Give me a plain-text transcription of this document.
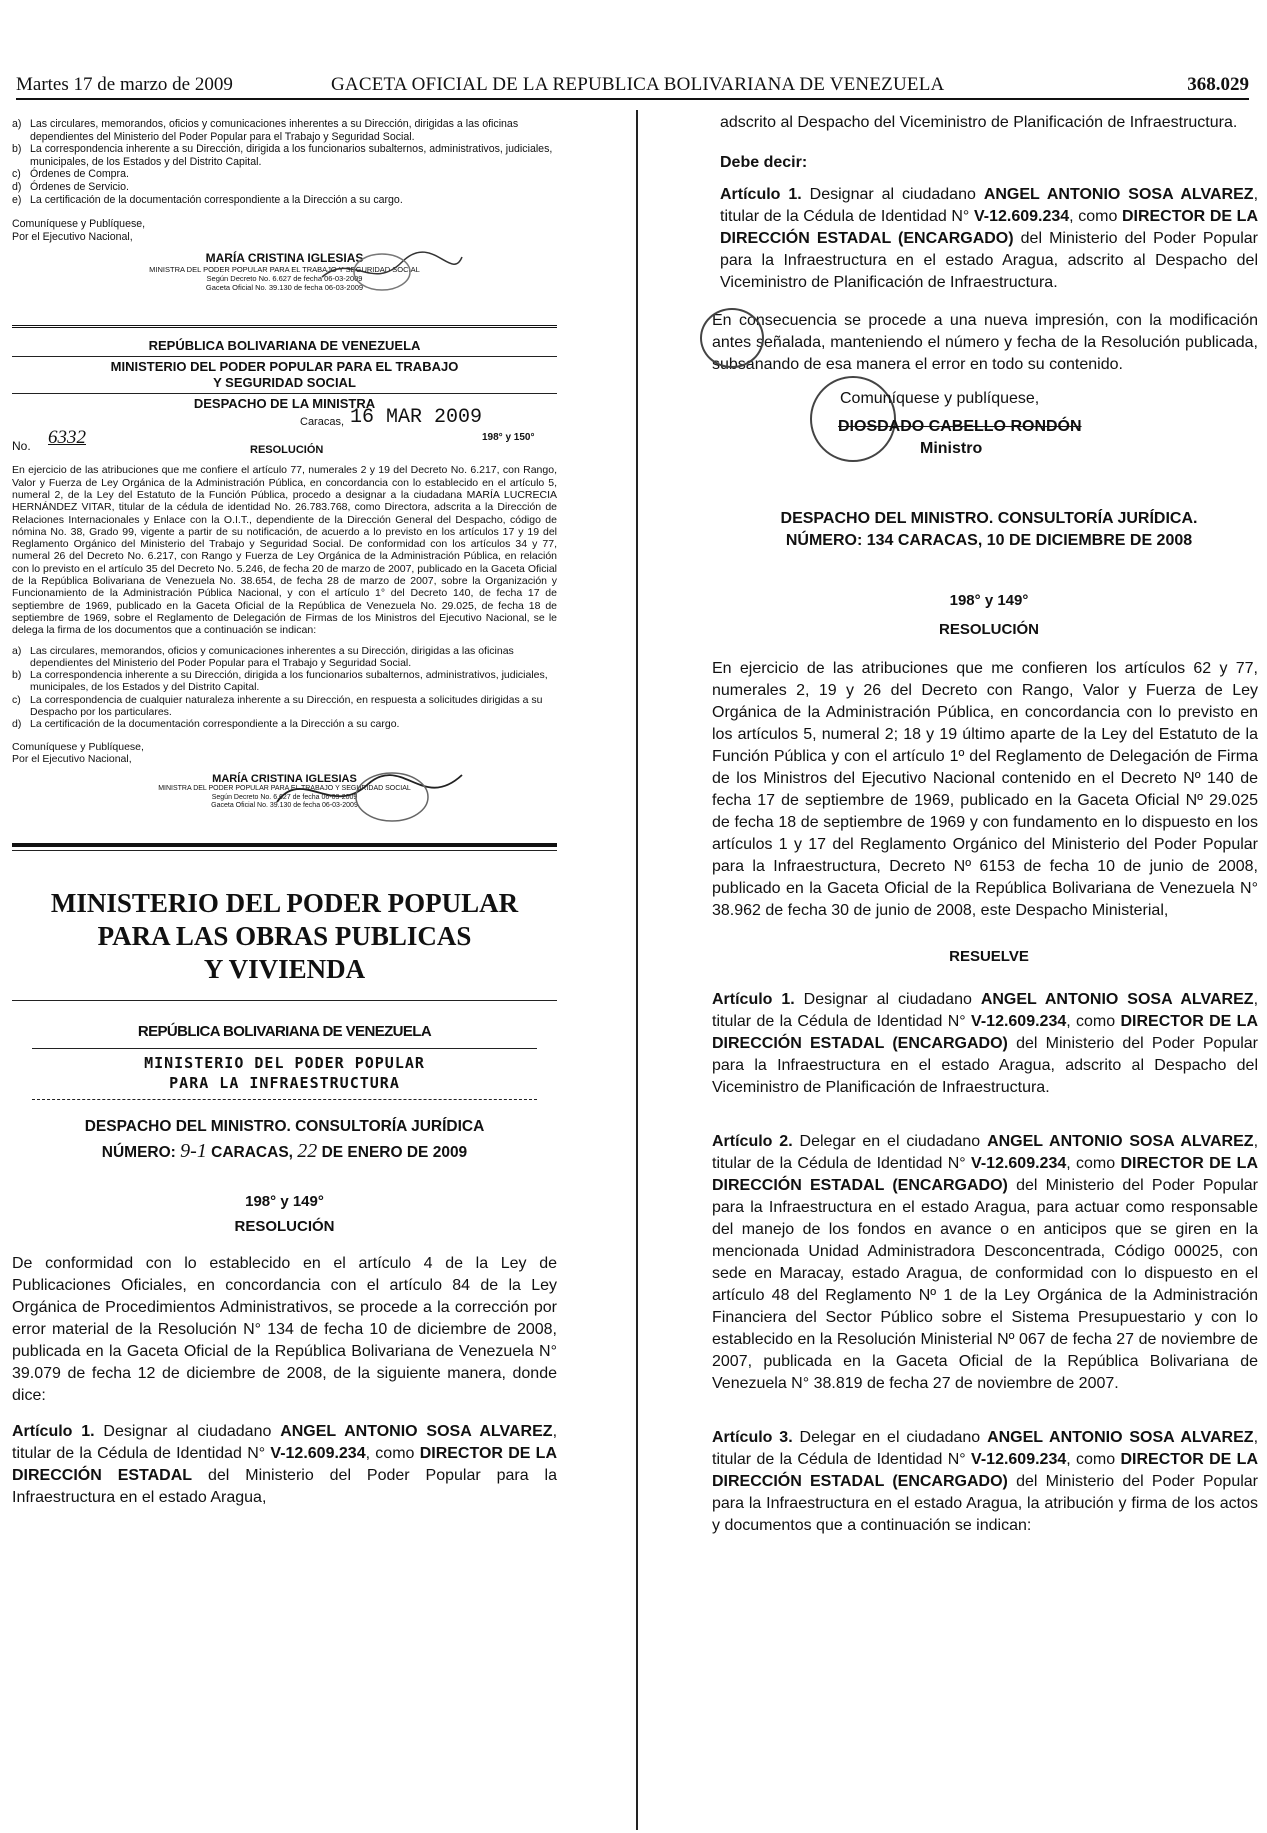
Martes 17 de marzo de 2009	GACETA OFICIAL DE LA REPUBLICA BOLIVARIANA DE VENEZUELA	368.029
a) Las circulares, memorandos, oficios y comunicaciones inherentes a su Dirección, dirigidas a las oficinas dependientes del Ministerio del Poder Popular para el Trabajo y Seguridad Social.
b) La correspondencia inherente a su Dirección, dirigida a los funcionarios subalternos, administrativos, judiciales, municipales, de los Estados y del Distrito Capital.
c) Órdenes de Compra.
d) Órdenes de Servicio.
e) La certificación de la documentación correspondiente a la Dirección a su cargo.

Comuníquese y Publíquese,

Por el Ejecutivo Nacional,

MARÍA CRISTINA IGLESIAS
MINISTRA DEL PODER POPULAR PARA EL TRABAJO Y SEGURIDAD SOCIAL
Según Decreto No. 6.627 de fecha 06-03-2009
Gaceta Oficial No. 39.130 de fecha 06-03-2009

REPÚBLICA BOLIVARIANA DE VENEZUELA

MINISTERIO DEL PODER POPULAR PARA EL TRABAJO

Y SEGURIDAD SOCIAL

DESPACHO DE LA MINISTRA

Caracas, 16 MAR 2009
198° y 150°
No. 6332
RESOLUCIÓN

En ejercicio de las atribuciones que me confiere el artículo 77, numerales 2 y 19 del Decreto No. 6.217, con Rango, Valor y Fuerza de Ley Orgánica de la Administración Pública, en concordancia con lo establecido en el artículo 5, numeral 2, de la Ley del Estatuto de la Función Pública, procedo a designar a la ciudadana MARÍA LUCRECIA HERNÁNDEZ VITAR, titular de la cédula de identidad No. 26.783.768, como Directora, adscrita a la Dirección de Relaciones Internacionales y Enlace con la O.I.T., dependiente de la Dirección General del Despacho, código de nómina No. 38, Grado 99, vigente a partir de su notificación, de acuerdo a lo previsto en los artículos 17 y 19 del Reglamento Orgánico del Ministerio del Trabajo y Seguridad Social. De conformidad con los artículos 34 y 77, numeral 26 del Decreto No. 6.217, con Rango y Fuerza de Ley Orgánica de la Administración Pública, en relación con lo previsto en el artículo 35 del Decreto No. 5.246, de fecha 20 de marzo de 2007, publicado en la Gaceta Oficial de la República Bolivariana de Venezuela No. 38.654, de fecha 28 de marzo de 2007, sobre la Organización y Funcionamiento de la Administración Pública Nacional, y con el artículo 1° del Decreto 140, de fecha 17 de septiembre de 1969, publicado en la Gaceta Oficial de la República de Venezuela No. 29.025, de fecha 18 de septiembre de 1969, sobre el Reglamento de Delegación de Firmas de los Ministros del Ejecutivo Nacional, se le delega la firma de los documentos que a continuación se indican:

a) Las circulares, memorandos, oficios y comunicaciones inherentes a su Dirección, dirigidas a las oficinas dependientes del Ministerio del Poder Popular para el Trabajo y Seguridad Social.
b) La correspondencia inherente a su Dirección, dirigida a los funcionarios subalternos, administrativos, judiciales, municipales, de los Estados y del Distrito Capital.
c) La correspondencia de cualquier naturaleza inherente a su Dirección, en respuesta a solicitudes dirigidas a su Despacho por los particulares.
d) La certificación de la documentación correspondiente a la Dirección a su cargo.

Comuníquese y Publíquese,

Por el Ejecutivo Nacional,

MARÍA CRISTINA IGLESIAS
MINISTRA DEL PODER POPULAR PARA EL TRABAJO Y SEGURIDAD SOCIAL
Según Decreto No. 6.627 de fecha 06-03-2009
Gaceta Oficial No. 39.130 de fecha 06-03-2009

MINISTERIO DEL PODER POPULAR

PARA LAS OBRAS PUBLICAS

Y VIVIENDA

REPÚBLICA BOLIVARIANA DE VENEZUELA

MINISTERIO DEL PODER POPULAR

PARA LA INFRAESTRUCTURA

DESPACHO DEL MINISTRO. CONSULTORÍA JURÍDICA

NÚMERO: 9-1 CARACAS, 22 DE ENERO DE 2009

198° y 149°

RESOLUCIÓN

De conformidad con lo establecido en el artículo 4 de la Ley de Publicaciones Oficiales, en concordancia con el artículo 84 de la Ley Orgánica de Procedimientos Administrativos, se procede a la corrección por error material de la Resolución N° 134 de fecha 10 de diciembre de 2008, publicada en la Gaceta Oficial de la República Bolivariana de Venezuela N° 39.079 de fecha 12 de diciembre de 2008, de la siguiente manera, donde dice:

Artículo 1. Designar al ciudadano ANGEL ANTONIO SOSA ALVAREZ, titular de la Cédula de Identidad N° V-12.609.234, como DIRECTOR DE LA DIRECCIÓN ESTADAL del Ministerio del Poder Popular para la Infraestructura en el estado Aragua,

adscrito al Despacho del Viceministro de Planificación de Infraestructura.

Debe decir:

Artículo 1. Designar al ciudadano ANGEL ANTONIO SOSA ALVAREZ, titular de la Cédula de Identidad N° V-12.609.234, como DIRECTOR DE LA DIRECCIÓN ESTADAL (ENCARGADO) del Ministerio del Poder Popular para la Infraestructura en el estado Aragua, adscrito al Despacho del Viceministro de Planificación de Infraestructura.

En consecuencia se procede a una nueva impresión, con la modificación antes señalada, manteniendo el número y fecha de la Resolución publicada, subsanando de esa manera el error en todo su contenido.

Comuníquese y publíquese,

DIOSDADO CABELLO RONDÓN

Ministro

DESPACHO DEL MINISTRO. CONSULTORÍA JURÍDICA.

NÚMERO: 134 CARACAS, 10 DE DICIEMBRE DE 2008

198° y 149°

RESOLUCIÓN

En ejercicio de las atribuciones que me confieren los artículos 62 y 77, numerales 2, 19 y 26 del Decreto con Rango, Valor y Fuerza de Ley Orgánica de la Administración Pública, en concordancia con lo previsto en los artículos 5, numeral 2; 18 y 19 último aparte de la Ley del Estatuto de la Función Pública y con el artículo 1º del Reglamento de Delegación de Firma de los Ministros del Ejecutivo Nacional contenido en el Decreto Nº 140 de fecha 17 de septiembre de 1969, publicado en la Gaceta Oficial Nº 29.025 de fecha 18 de septiembre de 1969 y con fundamento en lo dispuesto en los artículos 1 y 17 del Reglamento Orgánico del Ministerio del Poder Popular para la Infraestructura, Decreto Nº 6153 de fecha 10 de junio de 2008, publicado en la Gaceta Oficial de la República Bolivariana de Venezuela N° 38.962 de fecha 30 de junio de 2008, este Despacho Ministerial,

RESUELVE

Artículo 1. Designar al ciudadano ANGEL ANTONIO SOSA ALVAREZ, titular de la Cédula de Identidad N° V-12.609.234, como DIRECTOR DE LA DIRECCIÓN ESTADAL (ENCARGADO) del Ministerio del Poder Popular para la Infraestructura en el estado Aragua, adscrito al Despacho del Viceministro de Planificación de Infraestructura.

Artículo 2. Delegar en el ciudadano ANGEL ANTONIO SOSA ALVAREZ, titular de la Cédula de Identidad N° V-12.609.234, como DIRECTOR DE LA DIRECCIÓN ESTADAL (ENCARGADO) del Ministerio del Poder Popular para la Infraestructura en el estado Aragua, para actuar como responsable del manejo de los fondos en avance o en anticipos que se giren en la mencionada Unidad Administradora Desconcentrada, Código 00025, con sede en Maracay, estado Aragua, de conformidad con lo dispuesto en el artículo 48 del Reglamento Nº 1 de la Ley Orgánica de la Administración Financiera del Sector Público sobre el Sistema Presupuestario y con lo establecido en la Resolución Ministerial Nº 067 de fecha 27 de noviembre de 2007, publicada en la Gaceta Oficial de la República Bolivariana de Venezuela N° 38.819 de fecha 27 de noviembre de 2007.

Artículo 3. Delegar en el ciudadano ANGEL ANTONIO SOSA ALVAREZ, titular de la Cédula de Identidad N° V-12.609.234, como DIRECTOR DE LA DIRECCIÓN ESTADAL (ENCARGADO) del Ministerio del Poder Popular para la Infraestructura en el estado Aragua, la atribución y firma de los actos y documentos que a continuación se indican:
